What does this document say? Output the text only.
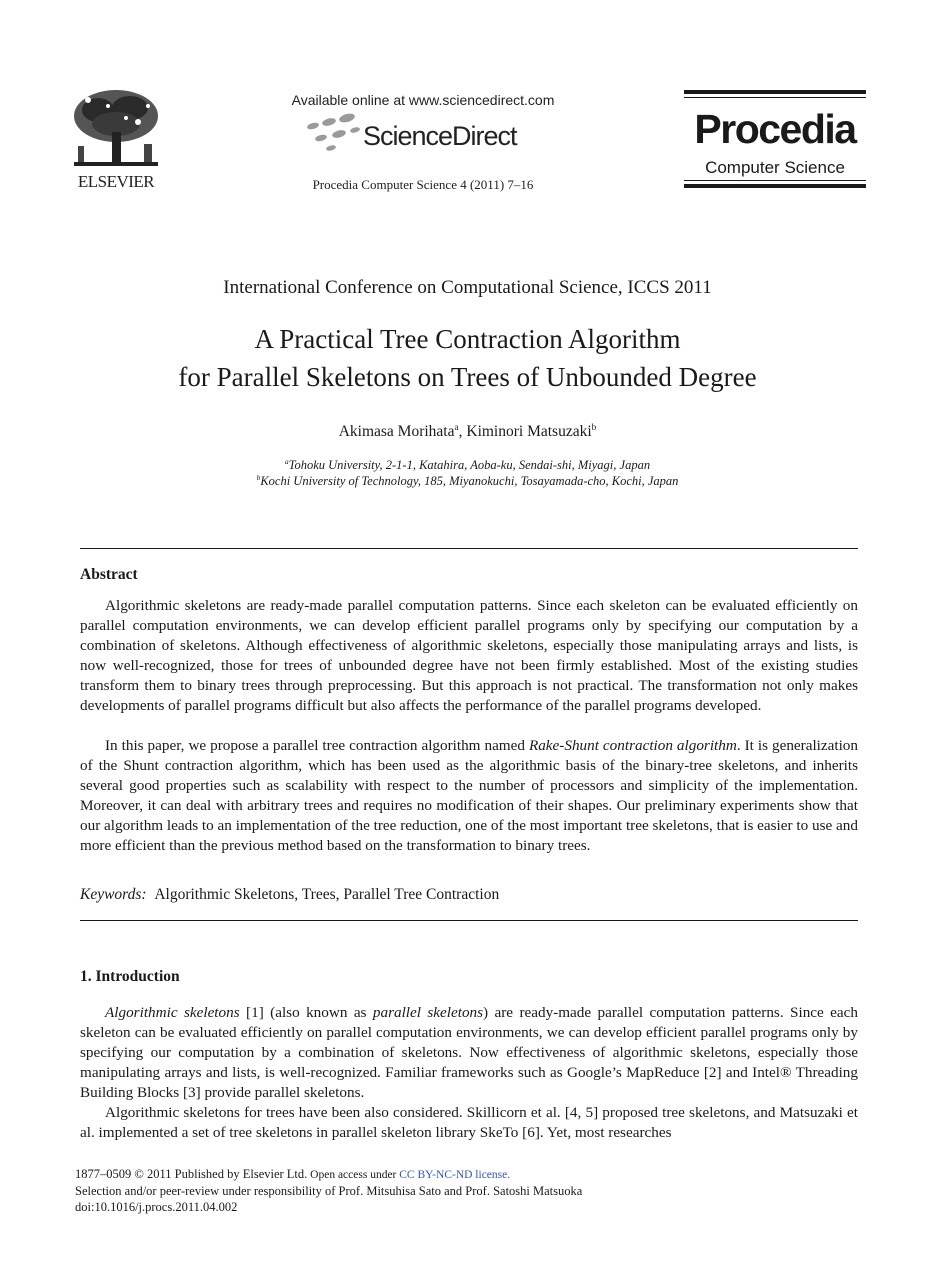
ELSEVIER
Available online at www.sciencedirect.com
ScienceDirect
Procedia Computer Science 4 (2011) 7–16
Procedia
Computer Science
International Conference on Computational Science, ICCS 2011
A Practical Tree Contraction Algorithm
for Parallel Skeletons on Trees of Unbounded Degree
Akimasa Morihata$^a$, Kiminori Matsuzaki$^b$
$^a$Tohoku University, 2-1-1, Katahira, Aoba-ku, Sendai-shi, Miyagi, Japan
$^b$Kochi University of Technology, 185, Miyanokuchi, Tosayamada-cho, Kochi, Japan
Abstract
Algorithmic skeletons are ready-made parallel computation patterns. Since each skeleton can be evaluated efficiently on parallel computation environments, we can develop efficient parallel programs only by specifying our computation by a combination of skeletons. Although effectiveness of algorithmic skeletons, especially those manipulating arrays and lists, is now well-recognized, those for trees of unbounded degree have not been firmly established. Most of the existing studies transform them to binary trees through preprocessing. But this approach is not practical. The transformation not only makes developments of parallel programs difficult but also affects the performance of the parallel programs developed.
In this paper, we propose a parallel tree contraction algorithm named Rake-Shunt contraction algorithm. It is generalization of the Shunt contraction algorithm, which has been used as the algorithmic basis of the binary-tree skeletons, and inherits several good properties such as scalability with respect to the number of processors and simplicity of the implementation. Moreover, it can deal with arbitrary trees and requires no modification of their shapes. Our preliminary experiments show that our algorithm leads to an implementation of the tree reduction, one of the most important tree skeletons, that is easier to use and more efficient than the previous method based on the transformation to binary trees.
Keywords: Algorithmic Skeletons, Trees, Parallel Tree Contraction
1. Introduction
Algorithmic skeletons [1] (also known as parallel skeletons) are ready-made parallel computation patterns. Since each skeleton can be evaluated efficiently on parallel computation environments, we can develop efficient parallel programs only by specifying our computation by a combination of skeletons. Now effectiveness of algorithmic skeletons, especially those manipulating arrays and lists, is well-recognized. Familiar frameworks such as Google’s MapReduce [2] and Intel® Threading Building Blocks [3] provide parallel skeletons.
Algorithmic skeletons for trees have been also considered. Skillicorn et al. [4, 5] proposed tree skeletons, and Matsuzaki et al. implemented a set of tree skeletons in parallel skeleton library SkeTo [6]. Yet, most researches
1877–0509 © 2011 Published by Elsevier Ltd. Open access under CC BY-NC-ND license.
Selection and/or peer-review under responsibility of Prof. Mitsuhisa Sato and Prof. Satoshi Matsuoka
doi:10.1016/j.procs.2011.04.002
